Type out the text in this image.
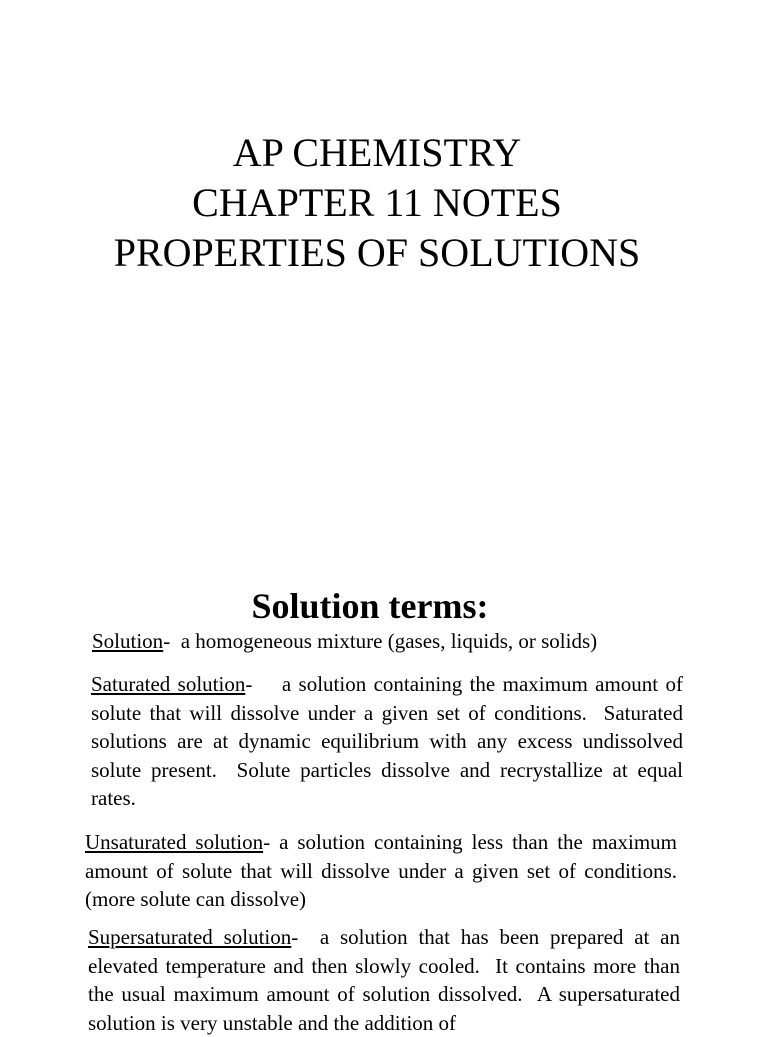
AP CHEMISTRY
CHAPTER 11 NOTES
PROPERTIES OF SOLUTIONS
Solution terms:

Solution-  a homogeneous mixture (gases, liquids, or solids)

Saturated solution-    a solution containing the maximum amount of solute that will dissolve under a given set of conditions.  Saturated solutions are at dynamic equilibrium with any excess undissolved solute present.  Solute particles dissolve and recrystallize at equal rates.

Unsaturated solution- a solution containing less than the maximum amount of solute that will dissolve under a given set of conditions.  (more solute can dissolve)

Supersaturated solution-  a solution that has been prepared at an elevated temperature and then slowly cooled.  It contains more than the usual maximum amount of solution dissolved.  A supersaturated solution is very unstable and the addition of
